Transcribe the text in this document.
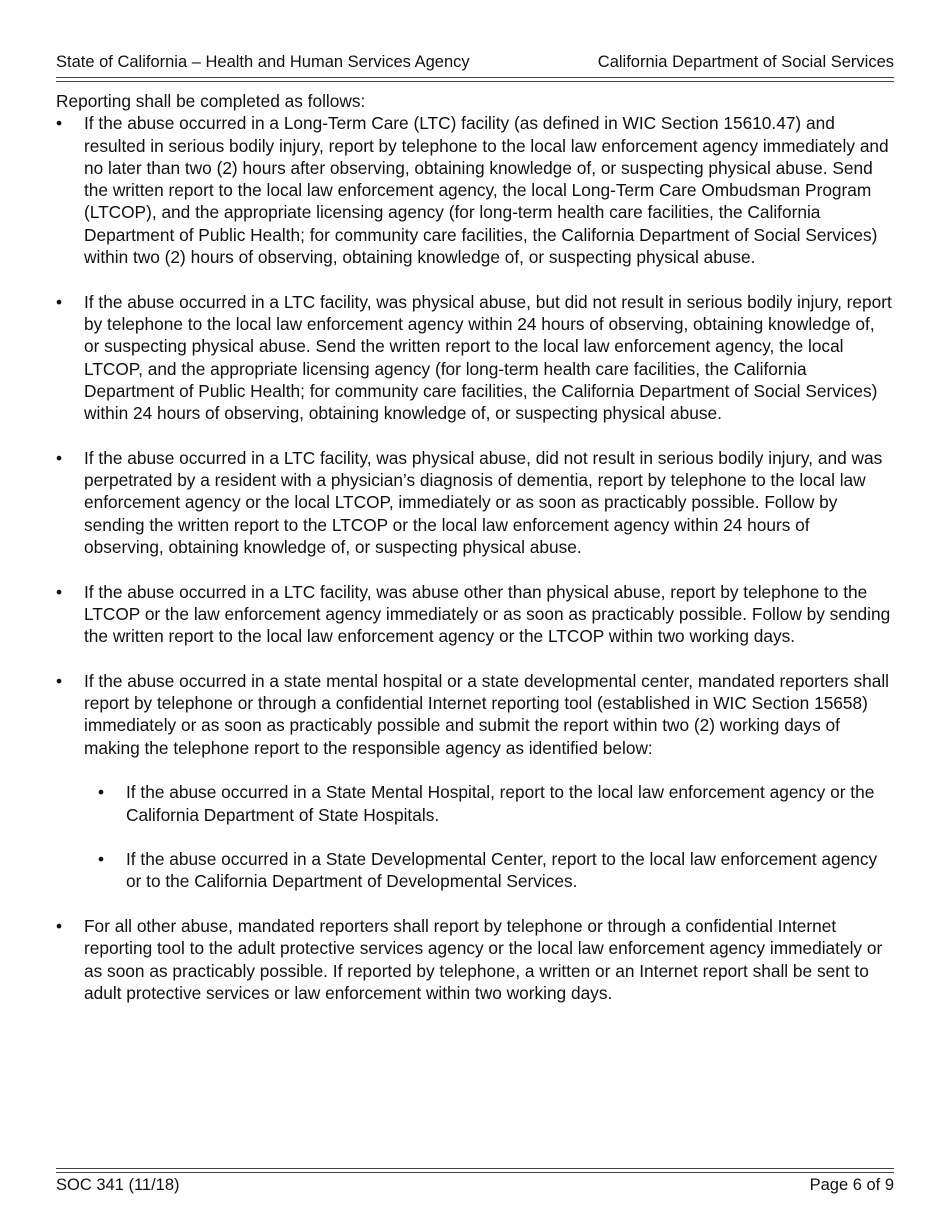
State of California – Health and Human Services Agency	California Department of Social Services

Reporting shall be completed as follows:

• If the abuse occurred in a Long-Term Care (LTC) facility (as defined in WIC Section 15610.47) and resulted in serious bodily injury, report by telephone to the local law enforcement agency immediately and no later than two (2) hours after observing, obtaining knowledge of, or suspecting physical abuse. Send the written report to the local law enforcement agency, the local Long-Term Care Ombudsman Program (LTCOP), and the appropriate licensing agency (for long-term health care facilities, the California Department of Public Health; for community care facilities, the California Department of Social Services) within two (2) hours of observing, obtaining knowledge of, or suspecting physical abuse.
• If the abuse occurred in a LTC facility, was physical abuse, but did not result in serious bodily injury, report by telephone to the local law enforcement agency within 24 hours of observing, obtaining knowledge of, or suspecting physical abuse. Send the written report to the local law enforcement agency, the local LTCOP, and the appropriate licensing agency (for long-term health care facilities, the California Department of Public Health; for community care facilities, the California Department of Social Services) within 24 hours of observing, obtaining knowledge of, or suspecting physical abuse.
• If the abuse occurred in a LTC facility, was physical abuse, did not result in serious bodily injury, and was perpetrated by a resident with a physician’s diagnosis of dementia, report by telephone to the local law enforcement agency or the local LTCOP, immediately or as soon as practicably possible. Follow by sending the written report to the LTCOP or the local law enforcement agency within 24 hours of observing, obtaining knowledge of, or suspecting physical abuse.
• If the abuse occurred in a LTC facility, was abuse other than physical abuse, report by telephone to the LTCOP or the law enforcement agency immediately or as soon as practicably possible. Follow by sending the written report to the local law enforcement agency or the LTCOP within two working days.
• If the abuse occurred in a state mental hospital or a state developmental center, mandated reporters shall report by telephone or through a confidential Internet reporting tool (established in WIC Section 15658) immediately or as soon as practicably possible and submit the report within two (2) working days of making the telephone report to the responsible agency as identified below:
• If the abuse occurred in a State Mental Hospital, report to the local law enforcement agency or the California Department of State Hospitals.
• If the abuse occurred in a State Developmental Center, report to the local law enforcement agency or to the California Department of Developmental Services.
• For all other abuse, mandated reporters shall report by telephone or through a confidential Internet reporting tool to the adult protective services agency or the local law enforcement agency immediately or as soon as practicably possible. If reported by telephone, a written or an Internet report shall be sent to adult protective services or law enforcement within two working days.
SOC 341 (11/18)	Page 6 of 9
